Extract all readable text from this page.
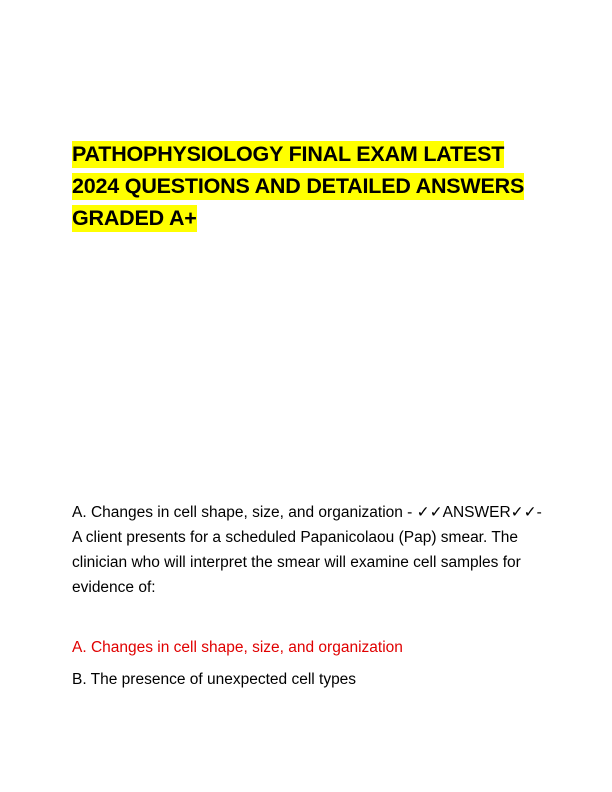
PATHOPHYSIOLOGY FINAL EXAM LATEST 2024 QUESTIONS AND DETAILED ANSWERS GRADED A+

A. Changes in cell shape, size, and organization - ✓✓ANSWER✓✓-A client presents for a scheduled Papanicolaou (Pap) smear. The clinician who will interpret the smear will examine cell samples for evidence of:

A. Changes in cell shape, size, and organization

B. The presence of unexpected cell types
